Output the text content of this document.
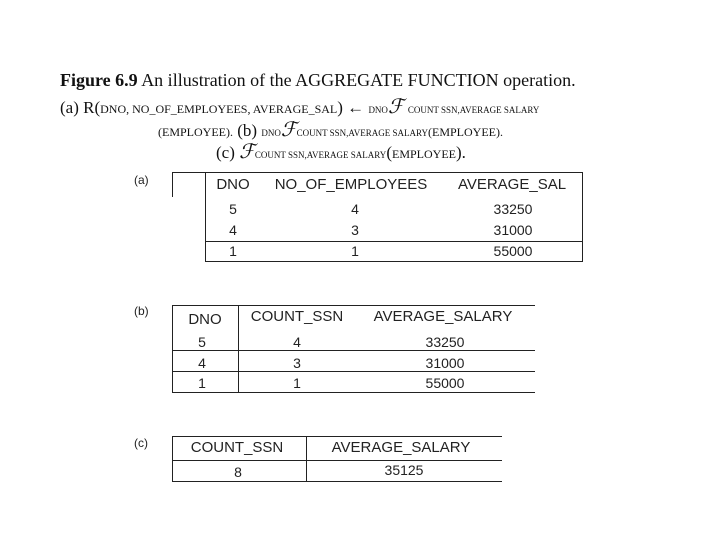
Figure 6.9 An illustration of the AGGREGATE FUNCTION operation.
(a) R(DNO, NO_OF_EMPLOYEES, AVERAGE_SAL) ← DNOℱ COUNT SSN,AVERAGE SALARY
(EMPLOYEE). (b) DNOℱCOUNT SSN,AVERAGE SALARY(EMPLOYEE).
(c) ℱCOUNT SSN,AVERAGE SALARY(EMPLOYEE).
(a)	DNO NO_OF_EMPLOYEES AVERAGE_SAL
5	4	33250
4	3	31000
1	1	55000
(b)	DNO COUNT_SSN AVERAGE_SALARY
5	4	33250
4	3	31000
1	1	55000
(c)	COUNT_SSN	AVERAGE_SALARY
8	35125
